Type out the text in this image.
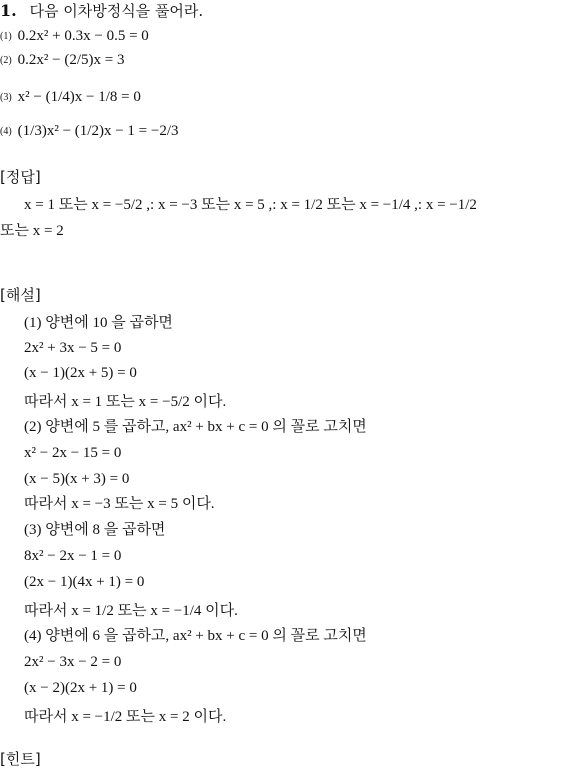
1. 다음 이차방정식을 풀어라.
(1) 0.2x² + 0.3x − 0.5 = 0
(2) 0.2x² − (2/5)x = 3
(3) x² − (1/4)x − 1/8 = 0
(4) (1/3)x² − (1/2)x − 1 = −2/3
[정답]
x = 1 또는 x = −5/2 ,: x = −3 또는 x = 5 ,: x = 1/2 또는 x = −1/4 ,: x = −1/2
또는 x = 2
[해설]
(1) 양변에 10 을 곱하면
2x² + 3x − 5 = 0
(x − 1)(2x + 5) = 0
따라서 x = 1 또는 x = −5/2 이다.
(2) 양변에 5 를 곱하고, ax² + bx + c = 0 의 꼴로 고치면
x² − 2x − 15 = 0
(x − 5)(x + 3) = 0
따라서 x = −3 또는 x = 5 이다.
(3) 양변에 8 을 곱하면
8x² − 2x − 1 = 0
(2x − 1)(4x + 1) = 0
따라서 x = 1/2 또는 x = −1/4 이다.
(4) 양변에 6 을 곱하고, ax² + bx + c = 0 의 꼴로 고치면
2x² − 3x − 2 = 0
(x − 2)(2x + 1) = 0
따라서 x = −1/2 또는 x = 2 이다.
[힌트]
